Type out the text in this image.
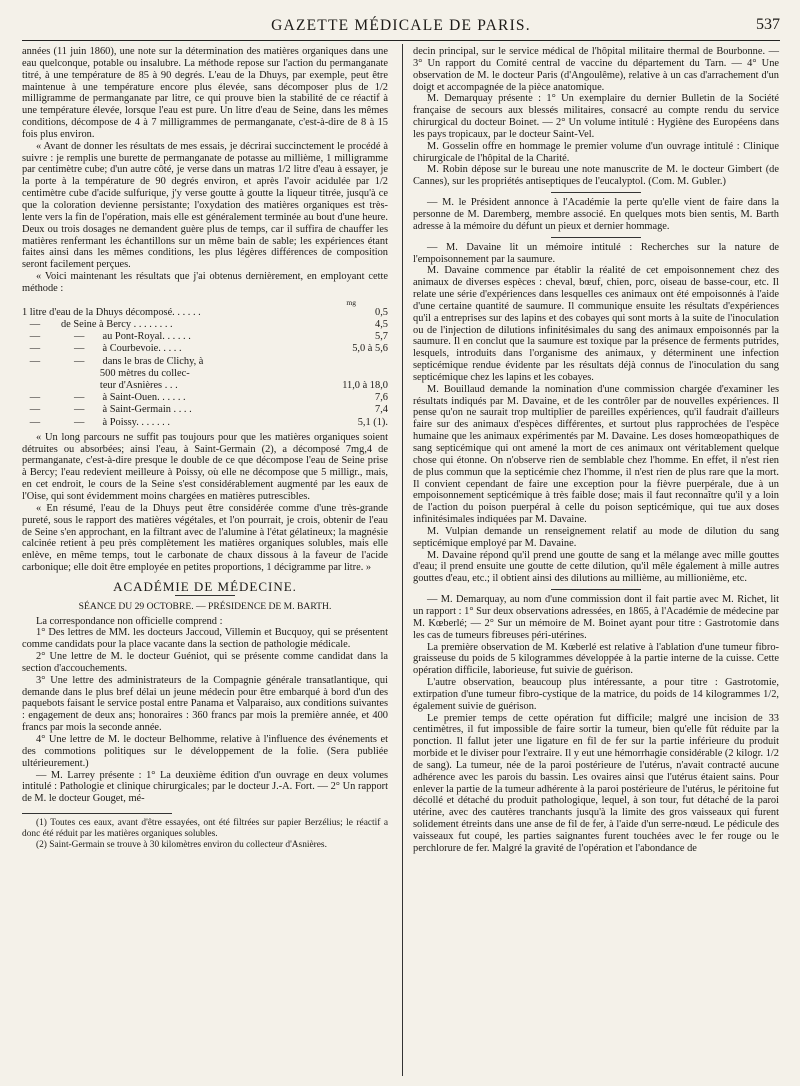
GAZETTE MÉDICALE DE PARIS.	537

années (11 juin 1860), une note sur la détermination des matières organiques dans une eau quelconque, potable ou insalubre. La méthode repose sur l'action du permanganate titré, à une température de 85 à 90 degrés. L'eau de la Dhuys, par exemple, peut être maintenue à une température encore plus élevée, sans décomposer plus de 1/2 milligramme de permanganate par litre, ce qui prouve bien la stabilité de ce réactif à une température élevée, lorsque l'eau est pure. Un litre d'eau de Seine, dans les mêmes conditions, décompose de 4 à 7 milligrammes de permanganate, c'est-à-dire de 8 à 15 fois plus environ.

« Avant de donner les résultats de mes essais, je décrirai succinctement le procédé à suivre : je remplis une burette de permanganate de potasse au millième, 1 milligramme par centimètre cube; d'un autre côté, je verse dans un matras 1/2 litre d'eau à essayer, je la porte à la température de 90 degrés environ, et après l'avoir acidulée par 1/2 centimètre cube d'acide sulfurique, j'y verse goutte à goutte la liqueur titrée, jusqu'à ce que la coloration devienne persistante; l'oxydation des matières organiques est très-lente vers la fin de l'opération, mais elle est généralement terminée au bout d'une heure. Deux ou trois dosages ne demandent guère plus de temps, car il suffira de chauffer les matières renfermant les échantillons sur un même bain de sable; les expériences étant faites ainsi dans les mêmes conditions, les plus légères différences de composition seront facilement perçues.

« Voici maintenant les résultats que j'ai obtenus dernièrement, en employant cette méthode :

mg
1 litre d'eau de la Dhuys décomposé. . . . . .	0,5
—        de Seine à Bercy . . . . . . . .	4,5
—             —       au Pont-Royal. . . . . .	5,7
—             —       à Courbevoie. . . . .	5,0 à 5,6
—             —       dans le bras de Clichy, à
500 mètres du collec-
teur d'Asnières . . .	11,0 à 18,0
—             —       à Saint-Ouen. . . . . .	7,6
—             —       à Saint-Germain . . . .	7,4
—             —       à Poissy. . . . . . .	5,1 (1).

« Un long parcours ne suffit pas toujours pour que les matières organiques soient détruites ou absorbées; ainsi l'eau, à Saint-Germain (2), a décomposé 7mg,4 de permanganate, c'est-à-dire presque le double de ce que décompose l'eau de Seine prise à Bercy; l'eau redevient meilleure à Poissy, où elle ne décompose que 5 milligr., mais, en cet endroit, le cours de la Seine s'est considérablement augmenté par les eaux de l'Oise, qui sont évidemment moins chargées en matières putrescibles.

« En résumé, l'eau de la Dhuys peut être considérée comme d'une très-grande pureté, sous le rapport des matières végétales, et l'on pourrait, je crois, obtenir de l'eau de Seine s'en approchant, en la filtrant avec de l'alumine à l'état gélatineux; la magnésie calcinée retient à peu près complètement les matières organiques solubles, mais elle enlève, en même temps, tout le carbonate de chaux dissous à la faveur de l'acide carbonique; elle doit être employée en petites proportions, 1 décigramme par litre. »

ACADÉMIE DE MÉDECINE.
SÉANCE DU 29 OCTOBRE. — PRÉSIDENCE DE M. BARTH.

La correspondance non officielle comprend :

1° Des lettres de MM. les docteurs Jaccoud, Villemin et Bucquoy, qui se présentent comme candidats pour la place vacante dans la section de pathologie médicale.

2° Une lettre de M. le docteur Guéniot, qui se présente comme candidat dans la section d'accouchements.

3° Une lettre des administrateurs de la Compagnie générale transatlantique, qui demande dans le plus bref délai un jeune médecin pour être embarqué à bord d'un des paquebots faisant le service postal entre Panama et Valparaiso, aux conditions suivantes : engagement de deux ans; honoraires : 360 francs par mois la première année, et 400 francs par mois la seconde année.

4° Une lettre de M. le docteur Belhomme, relative à l'influence des événements et des commotions politiques sur le développement de la folie. (Sera publiée ultérieurement.)

— M. Larrey présente : 1° La deuxième édition d'un ouvrage en deux volumes intitulé : Pathologie et clinique chirurgicales; par le docteur J.-A. Fort. — 2° Un rapport de M. le docteur Gouget, mé-

(1) Toutes ces eaux, avant d'être essayées, ont été filtrées sur papier Berzélius; le réactif a donc été réduit par les matières organiques solubles.

(2) Saint-Germain se trouve à 30 kilomètres environ du collecteur d'Asnières.

decin principal, sur le service médical de l'hôpital militaire thermal de Bourbonne. — 3° Un rapport du Comité central de vaccine du département du Tarn. — 4° Une observation de M. le docteur Paris (d'Angoulême), relative à un cas d'arrachement d'un doigt et accompagnée de la pièce anatomique.

M. Demarquay présente : 1° Un exemplaire du dernier Bulletin de la Société française de secours aux blessés militaires, consacré au compte rendu du service chirurgical du docteur Boinet. — 2° Un volume intitulé : Hygiène des Européens dans les pays tropicaux, par le docteur Saint-Vel.

M. Gosselin offre en hommage le premier volume d'un ouvrage intitulé : Clinique chirurgicale de l'hôpital de la Charité.

M. Robin dépose sur le bureau une note manuscrite de M. le docteur Gimbert (de Cannes), sur les propriétés antiseptiques de l'eucalyptol. (Com. M. Gubler.)

— M. le Président annonce à l'Académie la perte qu'elle vient de faire dans la personne de M. Daremberg, membre associé. En quelques mots bien sentis, M. Barth adresse à la mémoire du défunt un pieux et dernier hommage.

— M. Davaine lit un mémoire intitulé : Recherches sur la nature de l'empoisonnement par la saumure.

M. Davaine commence par établir la réalité de cet empoisonnement chez des animaux de diverses espèces : cheval, bœuf, chien, porc, oiseau de basse-cour, etc. Il relate une série d'expériences dans lesquelles ces animaux ont été empoisonnés à l'aide d'une certaine quantité de saumure. Il communique ensuite les résultats d'expériences qu'il a entreprises sur des lapins et des cobayes qui sont morts à la suite de l'inoculation ou de l'injection de dilutions infinitésimales du sang des animaux empoisonnés par la saumure. Il en conclut que la saumure est toxique par la présence de ferments putrides, lesquels, introduits dans l'organisme des animaux, y déterminent une infection septicémique rendue évidente par les résultats déjà connus de l'inoculation du sang septicémique chez les lapins et les cobayes.

M. Bouillaud demande la nomination d'une commission chargée d'examiner les résultats indiqués par M. Davaine, et de les contrôler par de nouvelles expériences. Il pense qu'on ne saurait trop multiplier de pareilles expériences, qu'il faudrait d'ailleurs faire sur des animaux d'espèces différentes, et surtout plus rapprochées de l'espèce humaine que les animaux expérimentés par M. Davaine. Les doses homœopathiques de sang septicémique qui ont amené la mort de ces animaux ont véritablement quelque chose qui étonne. On n'observe rien de semblable chez l'homme. En effet, il n'est rien de plus commun que la septicémie chez l'homme, il n'est rien de plus rare que la mort. Il convient cependant de faire une exception pour la fièvre puerpérale, due à un empoisonnement septicémique à très faible dose; mais il faut reconnaître qu'il y a loin de l'action du poison puerpéral à celle du poison septicémique, qui tue aux doses infinitésimales indiquées par M. Davaine.

M. Vulpian demande un renseignement relatif au mode de dilution du sang septicémique employé par M. Davaine.

M. Davaine répond qu'il prend une goutte de sang et la mélange avec mille gouttes d'eau; il prend ensuite une goutte de cette dilution, qu'il mêle également à mille autres gouttes d'eau, etc.; il obtient ainsi des dilutions au millième, au millionième, etc.

— M. Demarquay, au nom d'une commission dont il fait partie avec M. Richet, lit un rapport : 1° Sur deux observations adressées, en 1865, à l'Académie de médecine par M. Kœberlé; — 2° Sur un mémoire de M. Boinet ayant pour titre : Gastrotomie dans les cas de tumeurs fibreuses péri-utérines.

La première observation de M. Kœberlé est relative à l'ablation d'une tumeur fibro-graisseuse du poids de 5 kilogrammes développée à la partie interne de la cuisse. Cette opération difficile, laborieuse, fut suivie de guérison.

L'autre observation, beaucoup plus intéressante, a pour titre : Gastrotomie, extirpation d'une tumeur fibro-cystique de la matrice, du poids de 14 kilogrammes 1/2, également suivie de guérison.

Le premier temps de cette opération fut difficile; malgré une incision de 33 centimètres, il fut impossible de faire sortir la tumeur, bien qu'elle fût réduite par la ponction. Il fallut jeter une ligature en fil de fer sur la partie inférieure du produit morbide et le diviser pour l'extraire. Il y eut une hémorrhagie considérable (2 kilogr. 1/2 de sang). La tumeur, née de la paroi postérieure de l'utérus, n'avait contracté aucune adhérence avec les parois du bassin. Les ovaires ainsi que l'utérus étaient sains. Pour enlever la partie de la tumeur adhérente à la paroi postérieure de l'utérus, le péritoine fut décollé et détaché du produit pathologique, lequel, à son tour, fut détaché de la paroi utérine, avec des cautères tranchants jusqu'à la limite des gros vaisseaux qui furent solidement étreints dans une anse de fil de fer, à l'aide d'un serre-nœud. Le pédicule des vaisseaux fut coupé, les parties saignantes furent touchées avec le fer rouge ou le perchlorure de fer. Malgré la gravité de l'opération et l'abondance de
